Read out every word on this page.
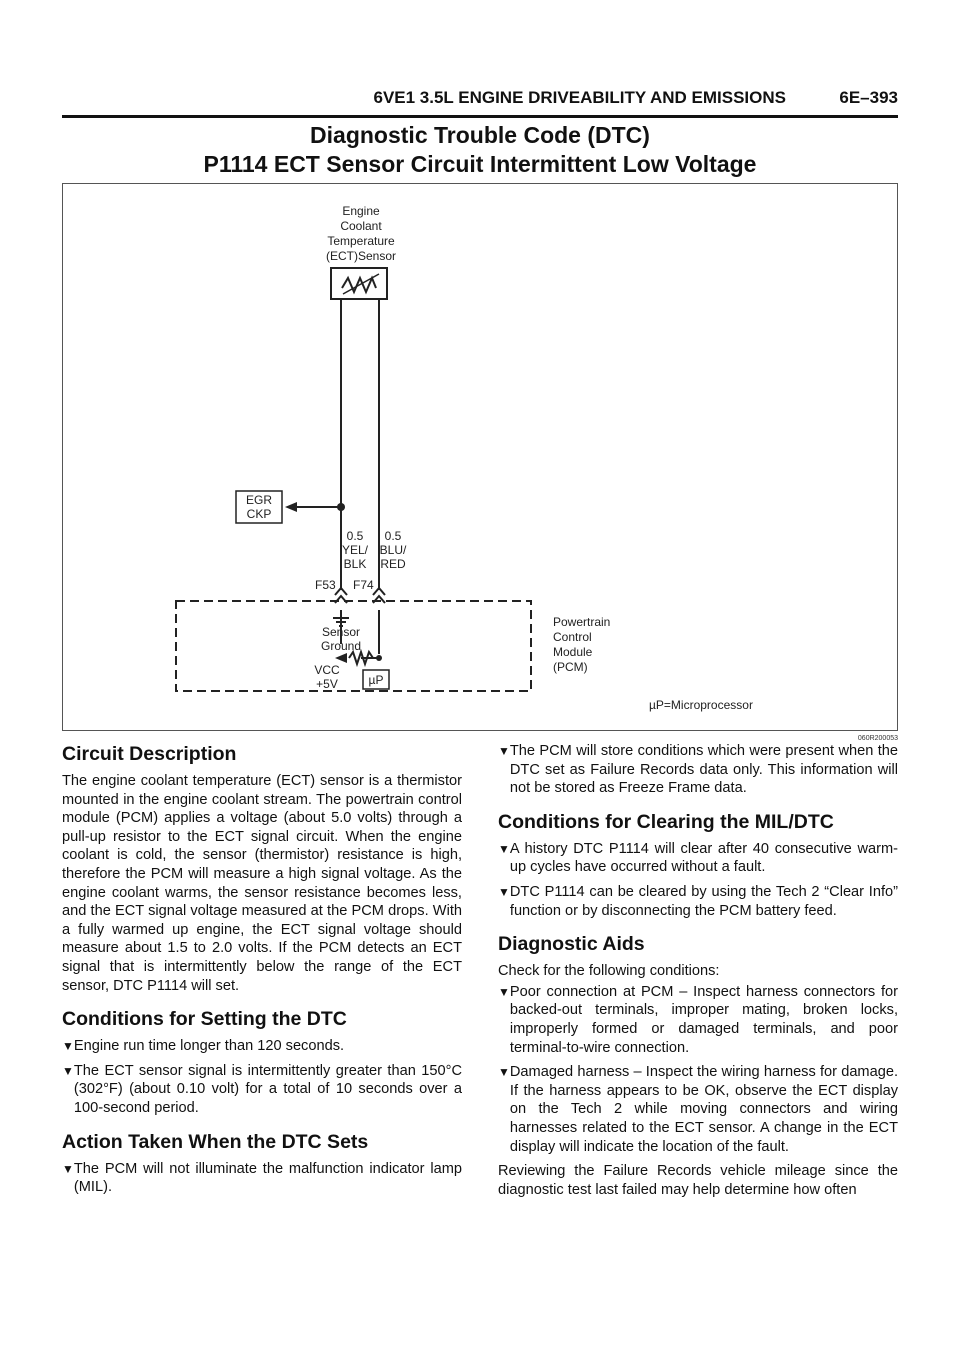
6VE1 3.5L ENGINE DRIVEABILITY AND EMISSIONS	6E–393
Diagnostic Trouble Code (DTC)
P1114 ECT Sensor Circuit Intermittent Low Voltage
Engine
Coolant
Temperature
(ECT)Sensor
EGR
CKP
0.5
YEL/
BLK
0.5
BLU/
RED
F53 F74
Sensor
Ground
VCC
+5V	µP
Powertrain
Control
Module
(PCM)
µP=Microprocessor
060R200053
Circuit Description

The engine coolant temperature (ECT) sensor is a thermistor mounted in the engine coolant stream. The powertrain control module (PCM) applies a voltage (about 5.0 volts) through a pull-up resistor to the ECT signal circuit. When the engine coolant is cold, the sensor (thermistor) resistance is high, therefore the PCM will measure a high signal voltage. As the engine coolant warms, the sensor resistance becomes less, and the ECT signal voltage measured at the PCM drops. With a fully warmed up engine, the ECT signal voltage should measure about 1.5 to 2.0 volts. If the PCM detects an ECT signal that is intermittently below the range of the ECT sensor, DTC P1114 will set.

Conditions for Setting the DTC
▼ Engine run time longer than 120 seconds.
▼ The ECT sensor signal is intermittently greater than 150°C (302°F) (about 0.10 volt) for a total of 10 seconds over a 100-second period.
Action Taken When the DTC Sets
▼ The PCM will not illuminate the malfunction indicator lamp (MIL).
▼ The PCM will store conditions which were present when the DTC set as Failure Records data only. This information will not be stored as Freeze Frame data.
Conditions for Clearing the MIL/DTC
▼ A history DTC P1114 will clear after 40 consecutive warm-up cycles have occurred without a fault.
▼ DTC P1114 can be cleared by using the Tech 2 “Clear Info” function or by disconnecting the PCM battery feed.
Diagnostic Aids

Check for the following conditions:

▼ Poor connection at PCM – Inspect harness connectors for backed-out terminals, improper mating, broken locks, improperly formed or damaged terminals, and poor terminal-to-wire connection.
▼ Damaged harness – Inspect the wiring harness for damage. If the harness appears to be OK, observe the ECT display on the Tech 2 while moving connectors and wiring harnesses related to the ECT sensor. A change in the ECT display will indicate the location of the fault.

Reviewing the Failure Records vehicle mileage since the diagnostic test last failed may help determine how often
